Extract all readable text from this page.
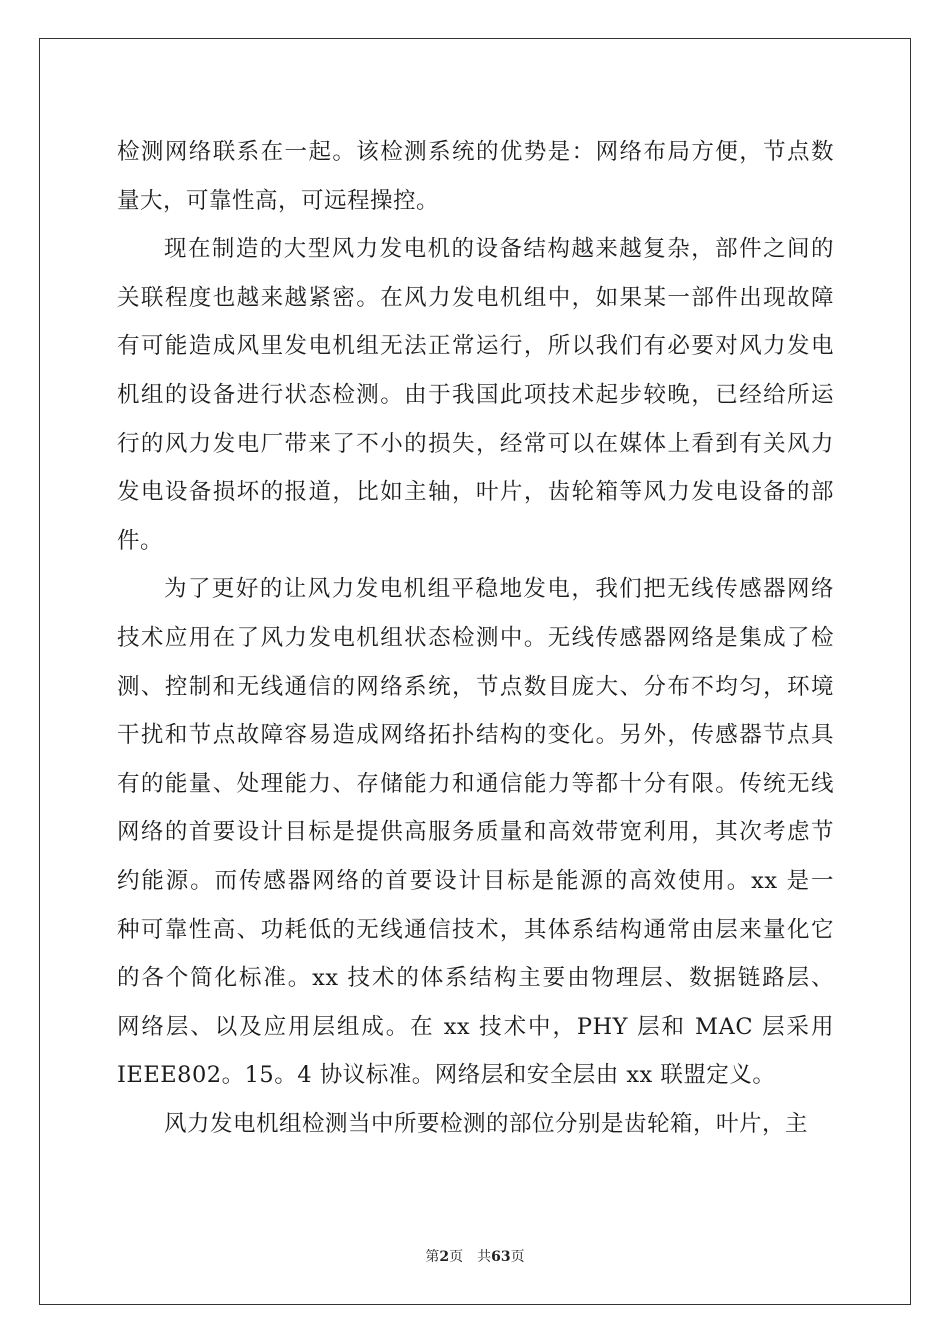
检测网络联系在一起。该检测系统的优势是：网络布局方便，节点数
量大，可靠性高，可远程操控。
现在制造的大型风力发电机的设备结构越来越复杂，部件之间的
关联程度也越来越紧密。在风力发电机组中，如果某一部件出现故障
有可能造成风里发电机组无法正常运行，所以我们有必要对风力发电
机组的设备进行状态检测。由于我国此项技术起步较晚，已经给所运
行的风力发电厂带来了不小的损失，经常可以在媒体上看到有关风力
发电设备损坏的报道，比如主轴，叶片，齿轮箱等风力发电设备的部
件。
为了更好的让风力发电机组平稳地发电，我们把无线传感器网络
技术应用在了风力发电机组状态检测中。无线传感器网络是集成了检
测、控制和无线通信的网络系统，节点数目庞大、分布不均匀，环境
干扰和节点故障容易造成网络拓扑结构的变化。另外，传感器节点具
有的能量、处理能力、存储能力和通信能力等都十分有限。传统无线
网络的首要设计目标是提供高服务质量和高效带宽利用，其次考虑节
约能源。而传感器网络的首要设计目标是能源的高效使用。xx 是一
种可靠性高、功耗低的无线通信技术，其体系结构通常由层来量化它
的各个简化标准。xx 技术的体系结构主要由物理层、数据链路层、
网络层、以及应用层组成。在 xx 技术中，PHY 层和 MAC 层采用
IEEE802。15。4 协议标准。网络层和安全层由 xx 联盟定义。
风力发电机组检测当中所要检测的部位分别是齿轮箱，叶片，主
第2页 共63页
